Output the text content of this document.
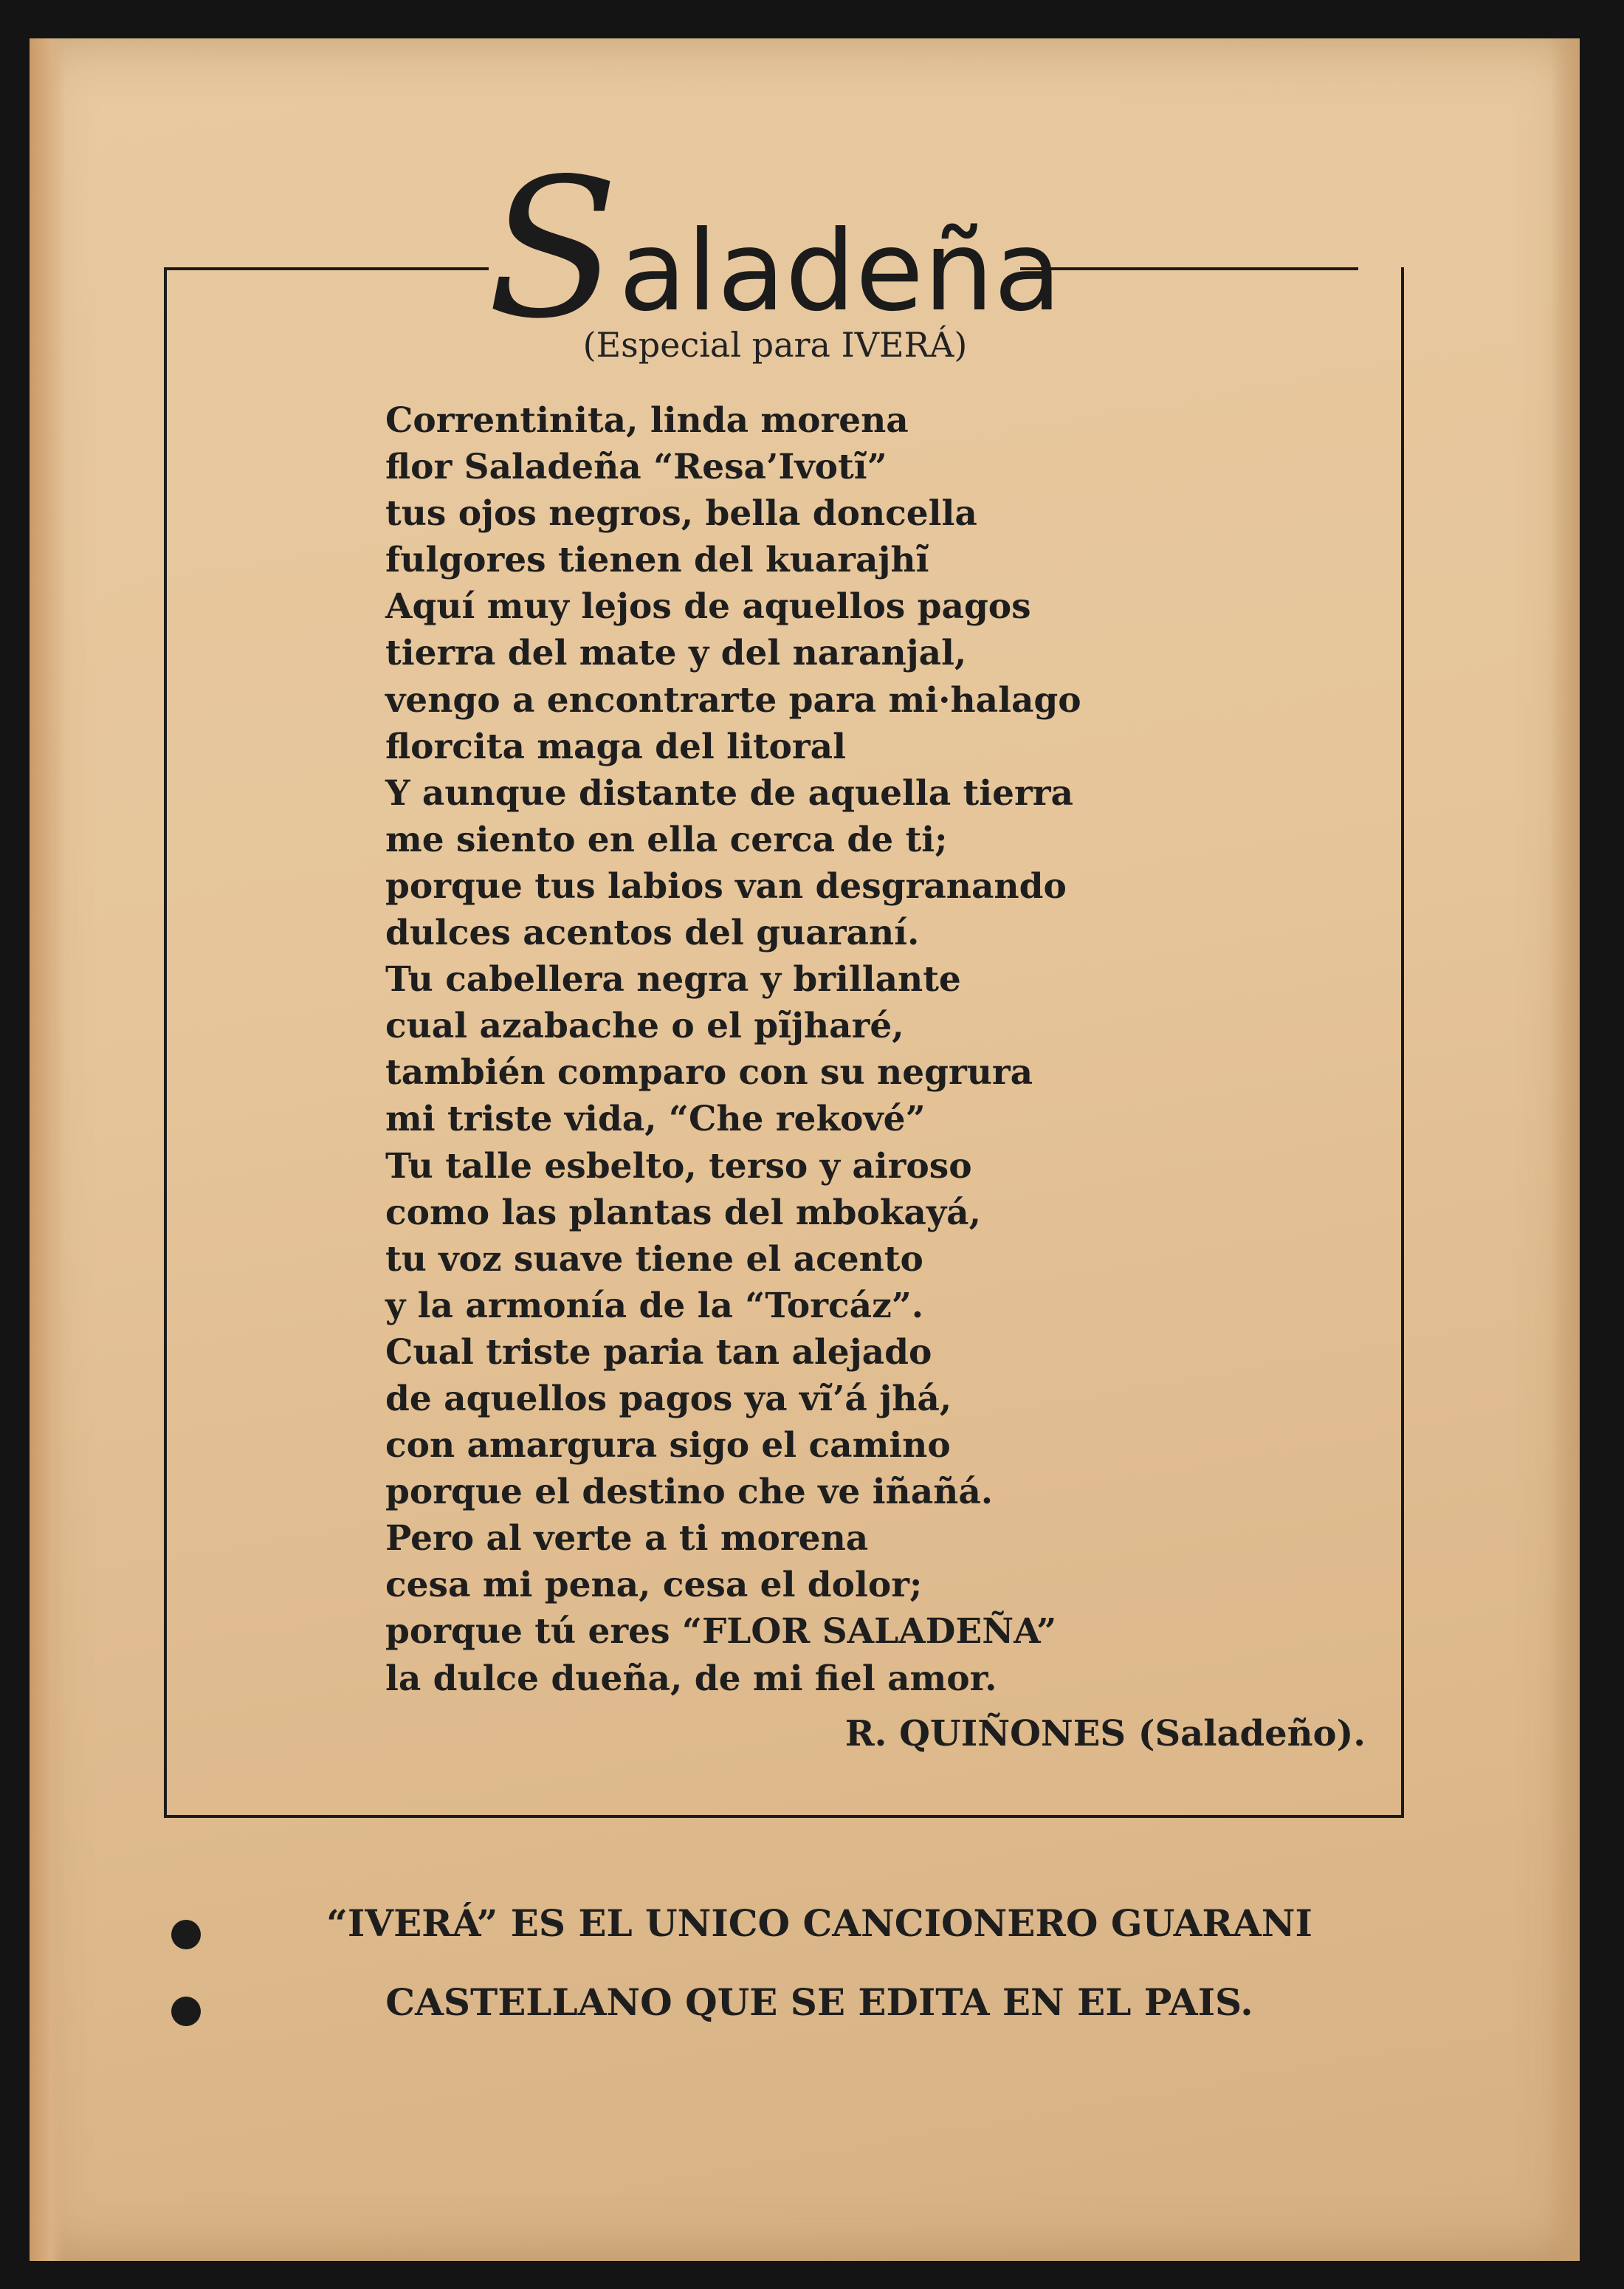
Saladeña
(Especial para IVERÁ)
Correntinita, linda morena
flor Saladeña “Resa’Ivotĩ”
tus ojos negros, bella doncella
fulgores tienen del kuarajhĩ
Aquí muy lejos de aquellos pagos
tierra del mate y del naranjal,
vengo a encontrarte para mi·halago
florcita maga del litoral
Y aunque distante de aquella tierra
me siento en ella cerca de ti;
porque tus labios van desgranando
dulces acentos del guaraní.
Tu cabellera negra y brillante
cual azabache o el pĩjharé,
también comparo con su negrura
mi triste vida, “Che rekové”
Tu talle esbelto, terso y airoso
como las plantas del mbokayá,
tu voz suave tiene el acento
y la armonía de la “Torcáz”.
Cual triste paria tan alejado
de aquellos pagos ya vĩ’á jhá,
con amargura sigo el camino
porque el destino che ve iñañá.
Pero al verte a ti morena
cesa mi pena, cesa el dolor;
porque tú eres “FLOR SALADEÑA”
la dulce dueña, de mi fiel amor.
R. QUIÑONES (Saladeño).
“IVERÁ” ES EL UNICO CANCIONERO GUARANI
CASTELLANO QUE SE EDITA EN EL PAIS.
